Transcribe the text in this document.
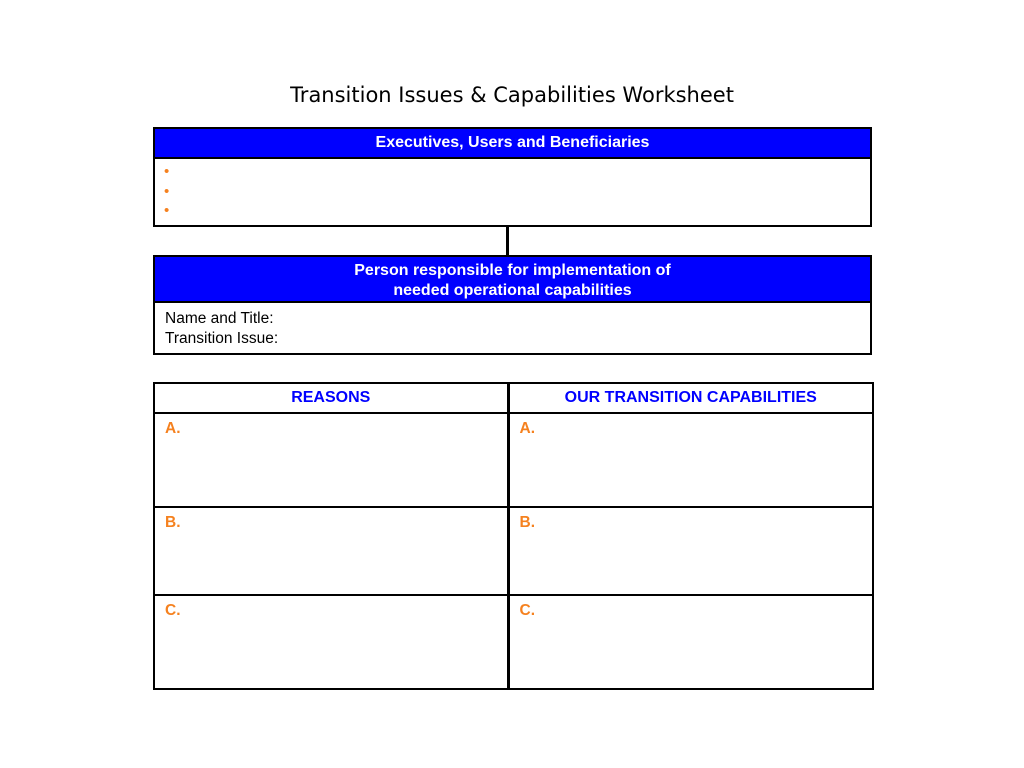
Transition Issues & Capabilities Worksheet
Executives, Users and Beneficiaries
•
•
•
Person responsible for implementation of
needed operational capabilities
Name and Title:
Transition Issue:
REASONS	OUR TRANSITION CAPABILITIES

A.	A.

B.	B.

C.	C.
